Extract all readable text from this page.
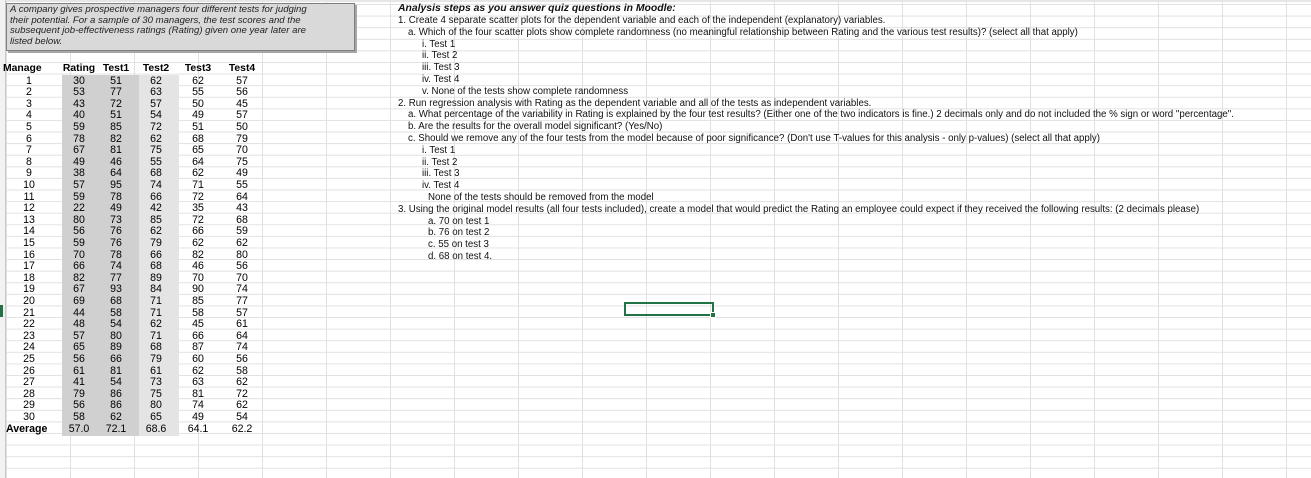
A company gives prospective managers four different tests for judging
their potential. For a sample of 30 managers, the test scores and the
subsequent job-effectiveness ratings (Rating) given one year later are
listed below.
Manage	Rating Test1	Test2	Test3	Test4
1	30	51	62	62	57
2	53	77	63	55	56
3	43	72	57	50	45
4	40	51	54	49	57
5	59	85	72	51	50
6	78	82	62	68	79
7	67	81	75	65	70
8	49	46	55	64	75
9	38	64	68	62	49
10	57	95	74	71	55
11	59	78	66	72	64
12	22	49	42	35	43
13	80	73	85	72	68
14	56	76	62	66	59
15	59	76	79	62	62
16	70	78	66	82	80
17	66	74	68	46	56
18	82	77	89	70	70
19	67	93	84	90	74
20	69	68	71	85	77
21	44	58	71	58	57
22	48	54	62	45	61
23	57	80	71	66	64
24	65	89	68	87	74
25	56	66	79	60	56
26	61	81	61	62	58
27	41	54	73	63	62
28	79	86	75	81	72
29	56	86	80	74	62
30	58	62	65	49	54
Average	57.0	72.1	68.6	64.1	62.2
Analysis steps as you answer quiz questions in Moodle:
1. Create 4 separate scatter plots for the dependent variable and each of the independent (explanatory) variables.
a. Which of the four scatter plots show complete randomness (no meaningful relationship between Rating and the various test results)? (select all that apply)
i. Test 1
ii. Test 2
iii. Test 3
iv. Test 4
v. None of the tests show complete randomness
2. Run regression analysis with Rating as the dependent variable and all of the tests as independent variables.
a. What percentage of the variability in Rating is explained by the four test results? (Either one of the two indicators is fine.) 2 decimals only and do not included the % sign or word "percentage".
b. Are the results for the overall model significant? (Yes/No)
c. Should we remove any of the four tests from the model because of poor significance? (Don't use T-values for this analysis - only p-values) (select all that apply)
i. Test 1
ii. Test 2
iii. Test 3
iv. Test 4
None of the tests should be removed from the model
3. Using the original model results (all four tests included), create a model that would predict the Rating an employee could expect if they received the following results: (2 decimals please)
a. 70 on test 1
b. 76 on test 2
c. 55 on test 3
d. 68 on test 4.
